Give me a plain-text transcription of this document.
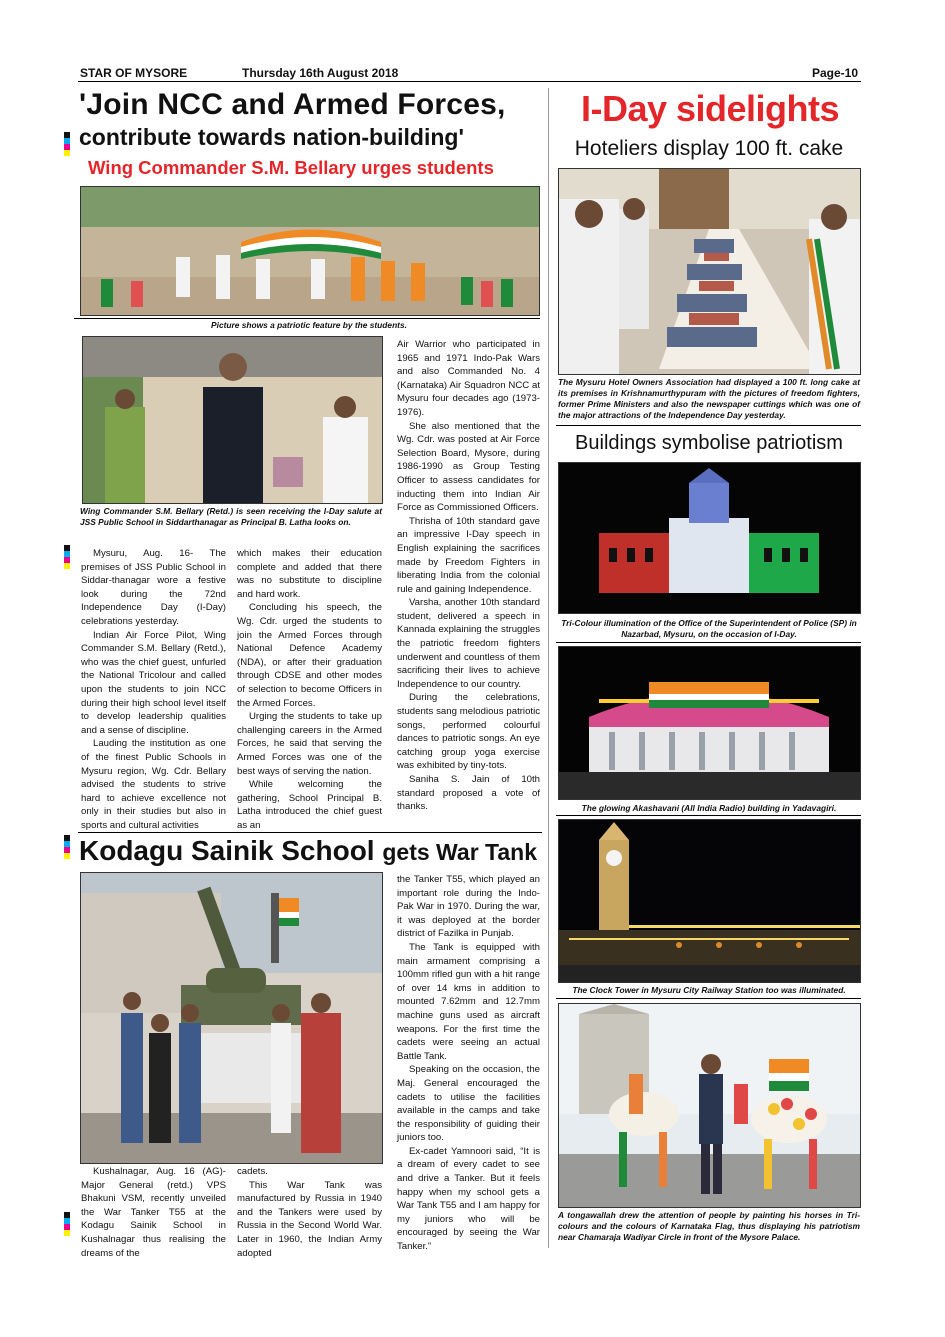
STAR OF MYSORE	Thursday 16th August 2018	Page-10
'Join NCC and Armed Forces,
contribute towards nation-building'
Wing Commander S.M. Bellary urges students
Picture shows a patriotic feature by the students.
Wing Commander S.M. Bellary (Retd.) is seen receiving the I-Day salute at JSS Public School in Siddarthanagar as Principal B. Latha looks on.

Mysuru, Aug. 16- The premises of JSS Public School in Siddar-thanagar wore a festive look during the 72nd Independence Day (I-Day) celebrations yesterday.

Indian Air Force Pilot, Wing Commander S.M. Bellary (Retd.), who was the chief guest, unfurled the National Tricolour and called upon the students to join NCC during their high school level itself to develop leadership qualities and a sense of discipline.

Lauding the institution as one of the finest Public Schools in Mysuru region, Wg. Cdr. Bellary advised the students to strive hard to achieve excellence not only in their studies but also in sports and cultural activities

which makes their education complete and added that there was no substitute to discipline and hard work.

Concluding his speech, the Wg. Cdr. urged the students to join the Armed Forces through National Defence Academy (NDA), or after their graduation through CDSE and other modes of selection to become Officers in the Armed Forces.

Urging the students to take up challenging careers in the Armed Forces, he said that serving the Armed Forces was one of the best ways of serving the nation.

While welcoming the gathering, School Principal B. Latha introduced the chief guest as an

Air Warrior who participated in 1965 and 1971 Indo-Pak Wars and also Commanded No. 4 (Karnataka) Air Squadron NCC at Mysuru four decades ago (1973-1976).

She also mentioned that the Wg. Cdr. was posted at Air Force Selection Board, Mysore, during 1986-1990 as Group Testing Officer to assess candidates for inducting them into Indian Air Force as Commissioned Officers.

Thrisha of 10th standard gave an impressive I-Day speech in English explaining the sacrifices made by Freedom Fighters in liberating India from the colonial rule and gaining Independence.

Varsha, another 10th standard student, delivered a speech in Kannada explaining the struggles the patriotic freedom fighters underwent and countless of them sacrificing their lives to achieve Independence to our country.

During the celebrations, students sang melodious patriotic songs, performed colourful dances to patriotic songs. An eye catching group yoga exercise was exhibited by tiny-tots.

Saniha S. Jain of 10th standard proposed a vote of thanks.

Kodagu Sainik School gets War Tank

Kushalnagar, Aug. 16 (AG)- Major General (retd.) VPS Bhakuni VSM, recently unveiled the War Tanker T55 at the Kodagu Sainik School in Kushalnagar thus realising the dreams of the

cadets.

This War Tank was manufactured by Russia in 1940 and the Tankers were used by Russia in the Second World War. Later in 1960, the Indian Army adopted

the Tanker T55, which played an important role during the Indo-Pak War in 1970. During the war, it was deployed at the border district of Fazilka in Punjab.

The Tank is equipped with main armament comprising a 100mm rifled gun with a hit range of over 14 kms in addition to mounted 7.62mm and 12.7mm machine guns used as aircraft weapons. For the first time the cadets were seeing an actual Battle Tank.

Speaking on the occasion, the Maj. General encouraged the cadets to utilise the facilities available in the camps and take the responsibility of guiding their juniors too.

Ex-cadet Yamnoori said, “It is a dream of every cadet to see and drive a Tanker. But it feels happy when my school gets a War Tank T55 and I am happy for my juniors who will be encouraged by seeing the War Tanker.”

I-Day sidelights
Hoteliers display 100 ft. cake
The Mysuru Hotel Owners Association had displayed a 100 ft. long cake at its premises in Krishnamurthypuram with the pictures of freedom fighters, former Prime Ministers and also the newspaper cuttings which was one of the major attractions of the Independence Day yesterday.
Buildings symbolise patriotism
Tri-Colour illumination of the Office of the Superintendent of Police (SP) in Nazarbad, Mysuru, on the occasion of I-Day.
The glowing Akashavani (All India Radio) building in Yadavagiri.
The Clock Tower in Mysuru City Railway Station too was illuminated.
A tongawallah drew the attention of people by painting his horses in Tri-colours and the colours of Karnataka Flag, thus displaying his patriotism near Chamaraja Wadiyar Circle in front of the Mysore Palace.
